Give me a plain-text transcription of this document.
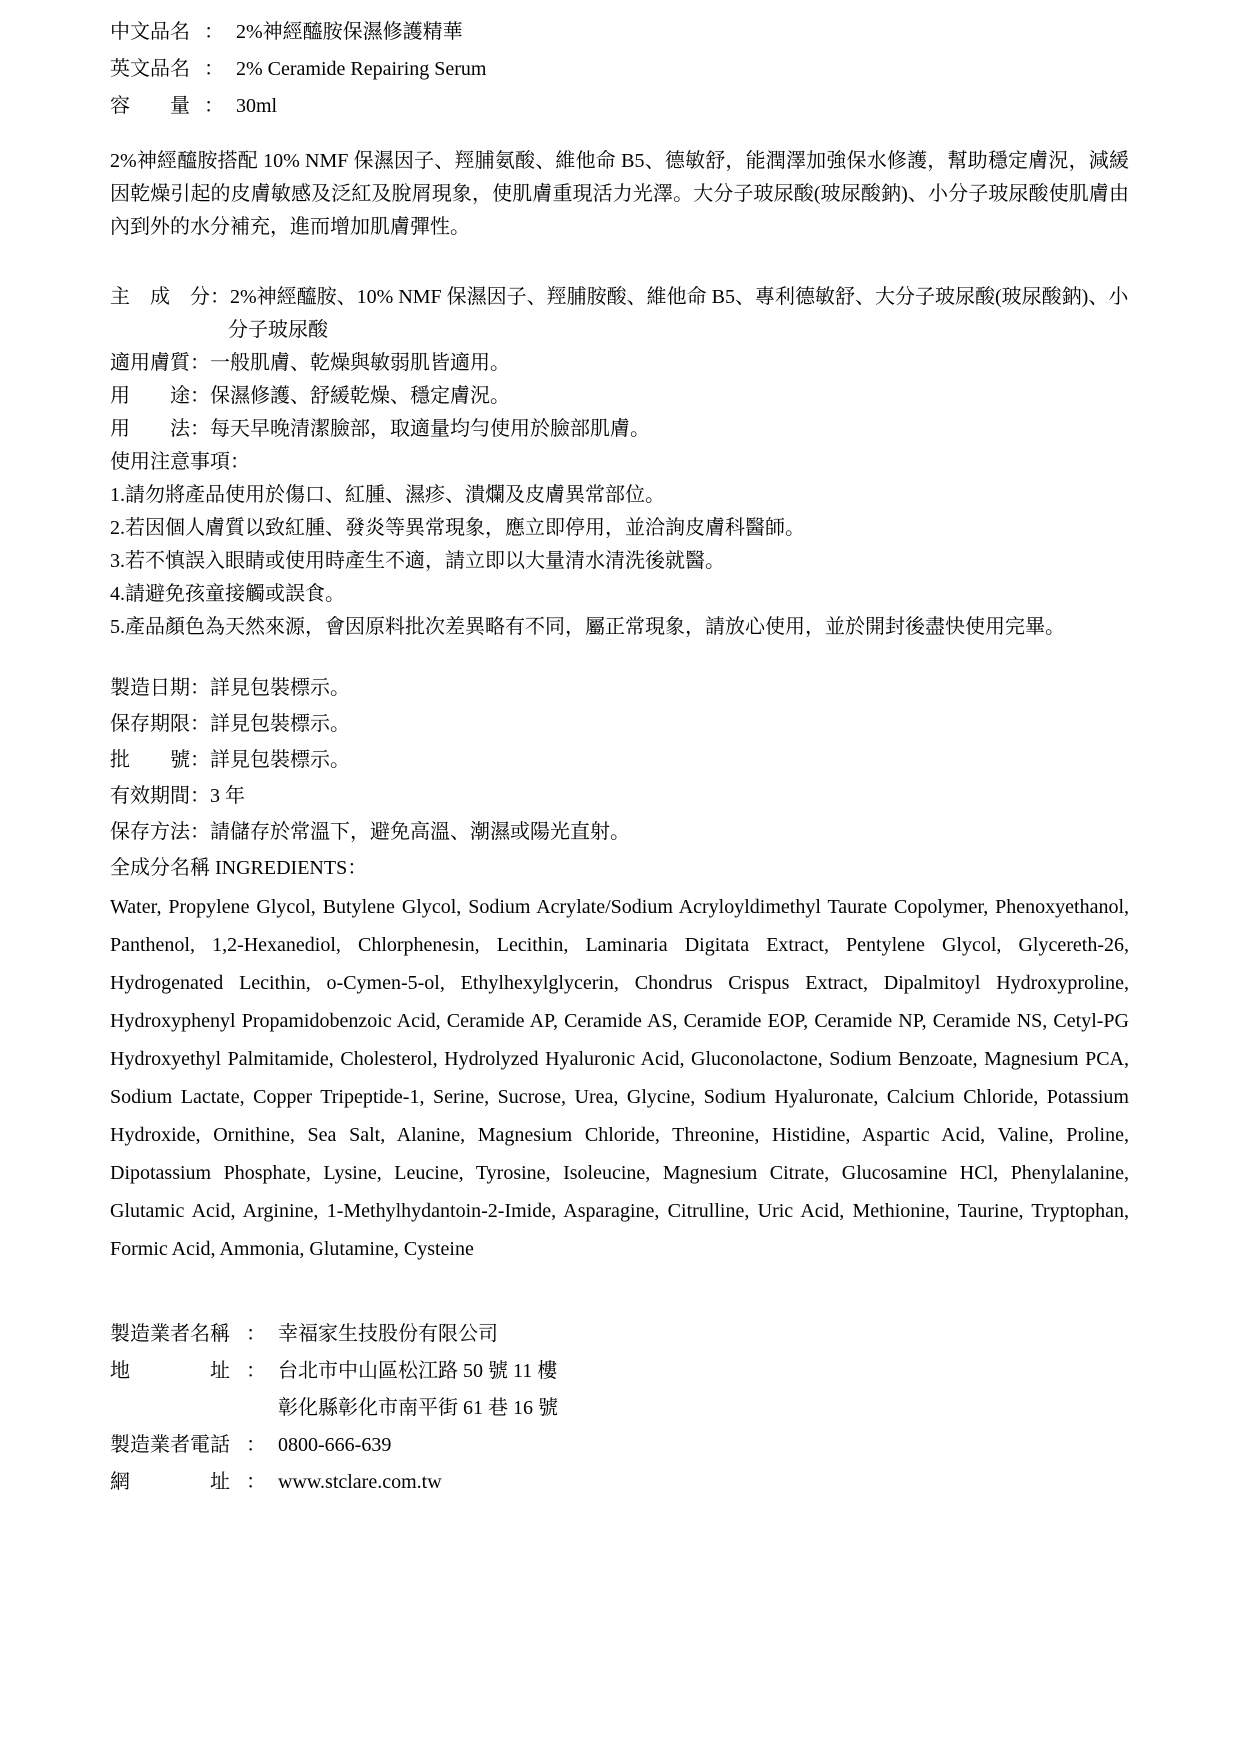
中文品名 ： 2%神經醯胺保濕修護精華
英文品名 ： 2% Ceramide Repairing Serum
容　　量 ： 30ml

2%神經醯胺搭配 10% NMF 保濕因子、羥脯氨酸、維他命 B5、德敏舒，能潤澤加強保水修護，幫助穩定膚況，減緩因乾燥引起的皮膚敏感及泛紅及脫屑現象，使肌膚重現活力光澤。大分子玻尿酸(玻尿酸鈉)、小分子玻尿酸使肌膚由內到外的水分補充，進而增加肌膚彈性。

主　成　分：2%神經醯胺、10% NMF 保濕因子、羥脯胺酸、維他命 B5、專利德敏舒、大分子玻尿酸(玻尿酸鈉)、小分子玻尿酸
適用膚質：一般肌膚、乾燥與敏弱肌皆適用。
用　　途：保濕修護、舒緩乾燥、穩定膚況。
用　　法：每天早晚清潔臉部，取適量均勻使用於臉部肌膚。
使用注意事項：
1.請勿將產品使用於傷口、紅腫、濕疹、潰爛及皮膚異常部位。
2.若因個人膚質以致紅腫、發炎等異常現象，應立即停用，並洽詢皮膚科醫師。
3.若不慎誤入眼睛或使用時產生不適，請立即以大量清水清洗後就醫。
4.請避免孩童接觸或誤食。
5.產品顏色為天然來源，會因原料批次差異略有不同，屬正常現象，請放心使用，並於開封後盡快使用完畢。
製造日期：詳見包裝標示。
保存期限：詳見包裝標示。
批　　號：詳見包裝標示。
有效期間：3 年
保存方法：請儲存於常溫下，避免高溫、潮濕或陽光直射。
全成分名稱 INGREDIENTS：

Water, Propylene Glycol, Butylene Glycol, Sodium Acrylate/Sodium Acryloyldimethyl Taurate Copolymer, Phenoxyethanol, Panthenol, 1,2-Hexanediol, Chlorphenesin, Lecithin, Laminaria Digitata Extract, Pentylene Glycol, Glycereth-26, Hydrogenated Lecithin, o-Cymen-5-ol, Ethylhexylglycerin, Chondrus Crispus Extract, Dipalmitoyl Hydroxyproline, Hydroxyphenyl Propamidobenzoic Acid, Ceramide AP, Ceramide AS, Ceramide EOP, Ceramide NP, Ceramide NS, Cetyl-PG Hydroxyethyl Palmitamide, Cholesterol, Hydrolyzed Hyaluronic Acid, Gluconolactone, Sodium Benzoate, Magnesium PCA, Sodium Lactate, Copper Tripeptide-1, Serine, Sucrose, Urea, Glycine, Sodium Hyaluronate, Calcium Chloride, Potassium Hydroxide, Ornithine, Sea Salt, Alanine, Magnesium Chloride, Threonine, Histidine, Aspartic Acid, Valine, Proline, Dipotassium Phosphate, Lysine, Leucine, Tyrosine, Isoleucine, Magnesium Citrate, Glucosamine HCl, Phenylalanine, Glutamic Acid, Arginine, 1-Methylhydantoin-2-Imide, Asparagine, Citrulline, Uric Acid, Methionine, Taurine, Tryptophan, Formic Acid, Ammonia, Glutamine, Cysteine

製造業者名稱 ： 幸福家生技股份有限公司
地　　　　址 ： 台北市中山區松江路 50 號 11 樓
彰化縣彰化市南平街 61 巷 16 號
製造業者電話 ： 0800-666-639
網　　　　址 ： www.stclare.com.tw
